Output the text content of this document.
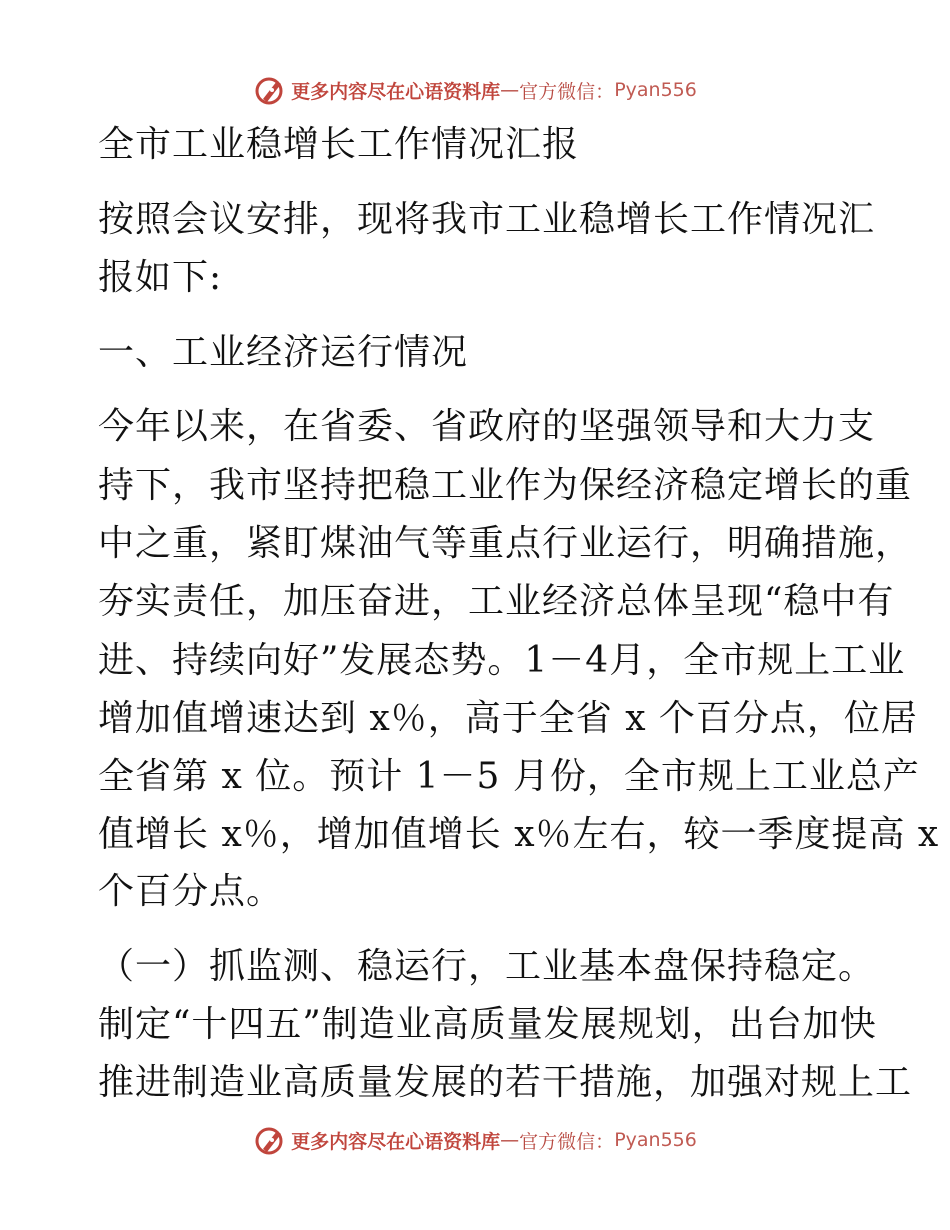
更多内容尽在心语资料库 — 官方微信： Pyan556
全市工业稳增长工作情况汇报
按照会议安排，现将我市工业稳增长工作情况汇
报如下:
一、工业经济运行情况
今年以来，在省委、省政府的坚强领导和大力支
持下，我市坚持把稳工业作为保经济稳定增长的重
中之重，紧盯煤油气等重点行业运行，明确措施，
夯实责任，加压奋进，工业经济总体呈现“稳中有
进、持续向好”发展态势。1－4月，全市规上工业
增加值增速达到 x％，高于全省 x 个百分点，位居
全省第 x 位。预计 1－5 月份，全市规上工业总产
值增长 x％，增加值增长 x％左右，较一季度提高 x
个百分点。
（一）抓监测、稳运行，工业基本盘保持稳定。
制定“十四五”制造业高质量发展规划，出台加快
推进制造业高质量发展的若干措施，加强对规上工
更多内容尽在心语资料库 — 官方微信： Pyan556
